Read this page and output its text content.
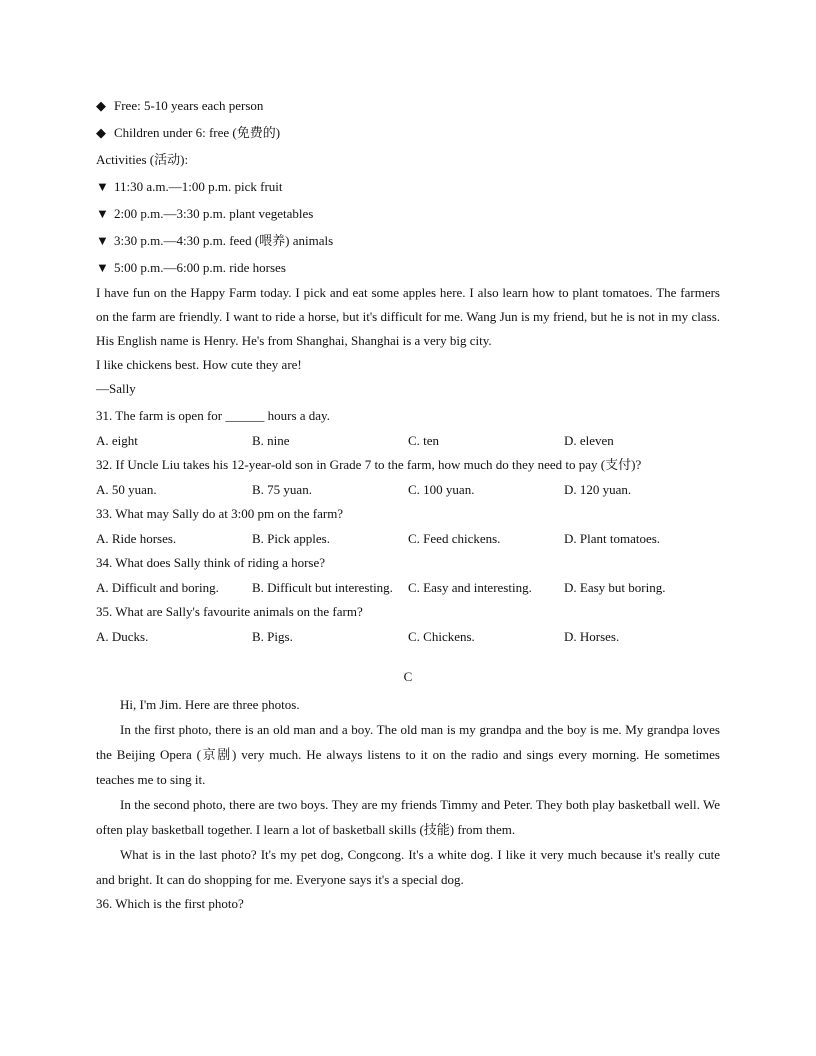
◆ Free: 5-10 years each person
◆ Children under 6: free (免费的)
Activities (活动):
▼ 11:30 a.m.—1:00 p.m. pick fruit
▼ 2:00 p.m.—3:30 p.m. plant vegetables
▼ 3:30 p.m.—4:30 p.m. feed (喂养) animals
▼ 5:00 p.m.—6:00 p.m. ride horses

I have fun on the Happy Farm today. I pick and eat some apples here. I also learn how to plant tomatoes. The farmers on the farm are friendly. I want to ride a horse, but it's difficult for me. Wang Jun is my friend, but he is not in my class. His English name is Henry. He's from Shanghai, Shanghai is a very big city.

I like chickens best. How cute they are!
—Sally
31. The farm is open for ______ hours a day.
A. eight	B. nine	C. ten	D. eleven
32. If Uncle Liu takes his 12-year-old son in Grade 7 to the farm, how much do they need to pay (支付)?
A. 50 yuan.	B. 75 yuan.	C. 100 yuan.	D. 120 yuan.
33. What may Sally do at 3:00 pm on the farm?
A. Ride horses.	B. Pick apples.	C. Feed chickens.	D. Plant tomatoes.
34. What does Sally think of riding a horse?
A. Difficult and boring.	B. Difficult but interesting.	C. Easy and interesting.	D. Easy but boring.
35. What are Sally's favourite animals on the farm?
A. Ducks.	B. Pigs.	C. Chickens.	D. Horses.
C

Hi, I'm Jim. Here are three photos.

In the first photo, there is an old man and a boy. The old man is my grandpa and the boy is me. My grandpa loves the Beijing Opera (京剧) very much. He always listens to it on the radio and sings every morning. He sometimes teaches me to sing it.

In the second photo, there are two boys. They are my friends Timmy and Peter. They both play basketball well. We often play basketball together. I learn a lot of basketball skills (技能) from them.

What is in the last photo? It's my pet dog, Congcong. It's a white dog. I like it very much because it's really cute and bright. It can do shopping for me. Everyone says it's a special dog.

36. Which is the first photo?
